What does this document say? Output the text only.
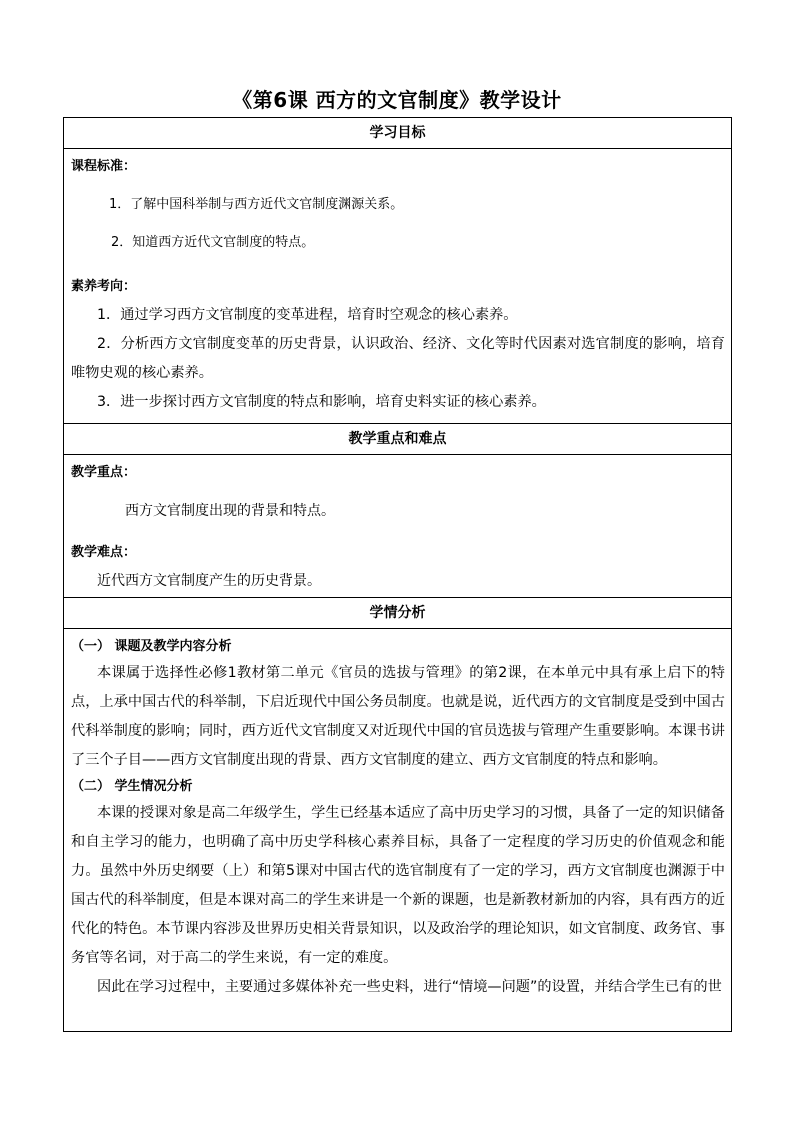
《第6课 西方的文官制度》教学设计
学习目标

课程标准：
1．了解中国科举制与西方近代文官制度渊源关系。
2．知道西方近代文官制度的特点。
素养考向：
1．通过学习西方文官制度的变革进程，培育时空观念的核心素养。
2．分析西方文官制度变革的历史背景，认识政治、经济、文化等时代因素对选官制度的影响，培育唯物史观的核心素养。
3．进一步探讨西方文官制度的特点和影响，培育史料实证的核心素养。

教学重点和难点

教学重点：
西方文官制度出现的背景和特点。
教学难点：
近代西方文官制度产生的历史背景。

学情分析

（一） 课题及教学内容分析
本课属于选择性必修1教材第二单元《官员的选拔与管理》的第2课，在本单元中具有承上启下的特点，上承中国古代的科举制，下启近现代中国公务员制度。也就是说，近代西方的文官制度是受到中国古代科举制度的影响；同时，西方近代文官制度又对近现代中国的官员选拔与管理产生重要影响。本课书讲了三个子目——西方文官制度出现的背景、西方文官制度的建立、西方文官制度的特点和影响。
（二） 学生情况分析
本课的授课对象是高二年级学生，学生已经基本适应了高中历史学习的习惯，具备了一定的知识储备和自主学习的能力，也明确了高中历史学科核心素养目标，具备了一定程度的学习历史的价值观念和能力。虽然中外历史纲要（上）和第5课对中国古代的选官制度有了一定的学习，西方文官制度也渊源于中国古代的科举制度，但是本课对高二的学生来讲是一个新的课题，也是新教材新加的内容，具有西方的近代化的特色。本节课内容涉及世界历史相关背景知识，以及政治学的理论知识，如文官制度、政务官、事务官等名词，对于高二的学生来说，有一定的难度。
因此在学习过程中，主要通过多媒体补充一些史料，进行“情境—问题”的设置，并结合学生已有的世
